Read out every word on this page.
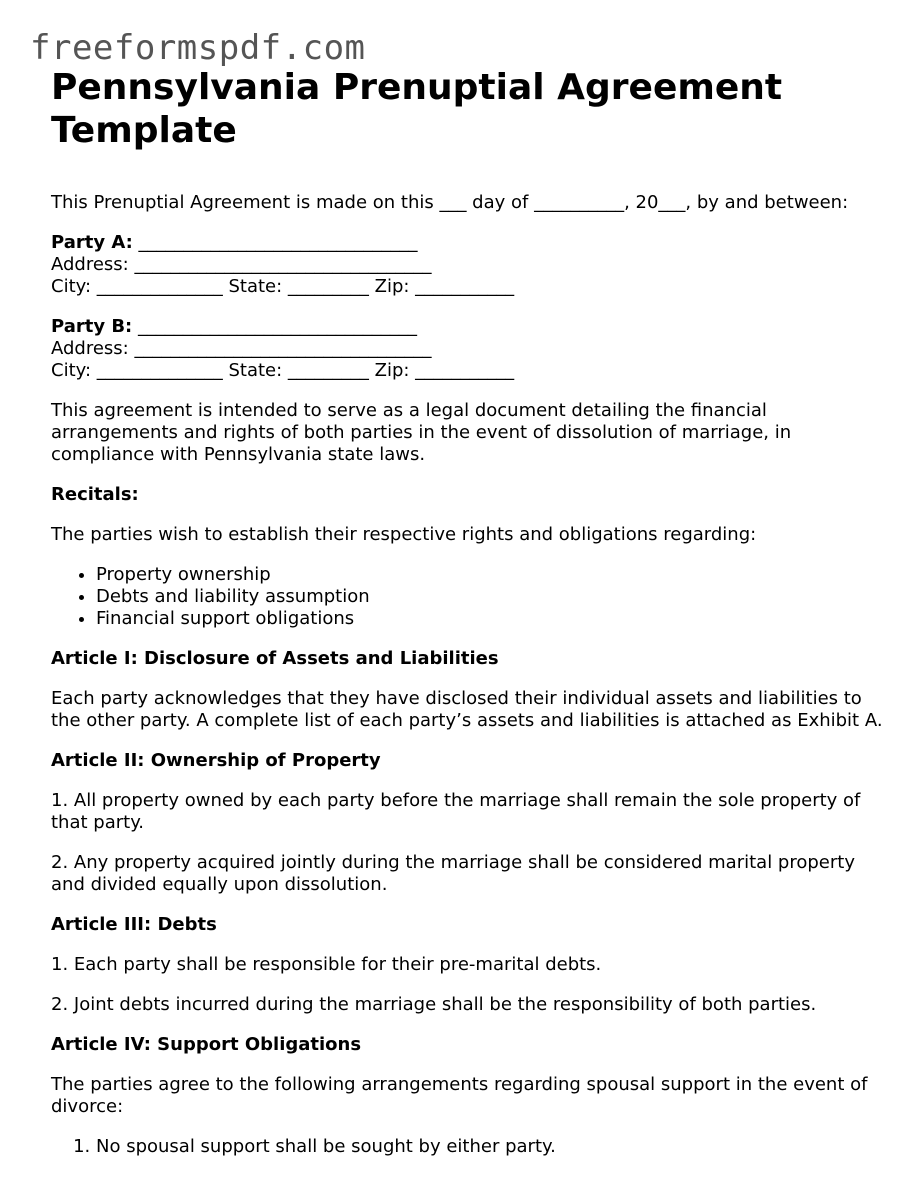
freeformspdf.com
Pennsylvania Prenuptial Agreement Template

This Prenuptial Agreement is made on this ___ day of __________, 20___, by and between:

Party A: _______________________________

Address: _________________________________

City: ______________ State: _________ Zip: ___________

Party B: _______________________________

Address: _________________________________

City: ______________ State: _________ Zip: ___________

This agreement is intended to serve as a legal document detailing the financial arrangements and rights of both parties in the event of dissolution of marriage, in compliance with Pennsylvania state laws.

Recitals:

The parties wish to establish their respective rights and obligations regarding:

• Property ownership
• Debts and liability assumption
• Financial support obligations

Article I: Disclosure of Assets and Liabilities

Each party acknowledges that they have disclosed their individual assets and liabilities to the other party. A complete list of each party’s assets and liabilities is attached as Exhibit A.

Article II: Ownership of Property

1. All property owned by each party before the marriage shall remain the sole property of that party.

2. Any property acquired jointly during the marriage shall be considered marital property and divided equally upon dissolution.

Article III: Debts

1. Each party shall be responsible for their pre-marital debts.

2. Joint debts incurred during the marriage shall be the responsibility of both parties.

Article IV: Support Obligations

The parties agree to the following arrangements regarding spousal support in the event of divorce:

1. No spousal support shall be sought by either party.
